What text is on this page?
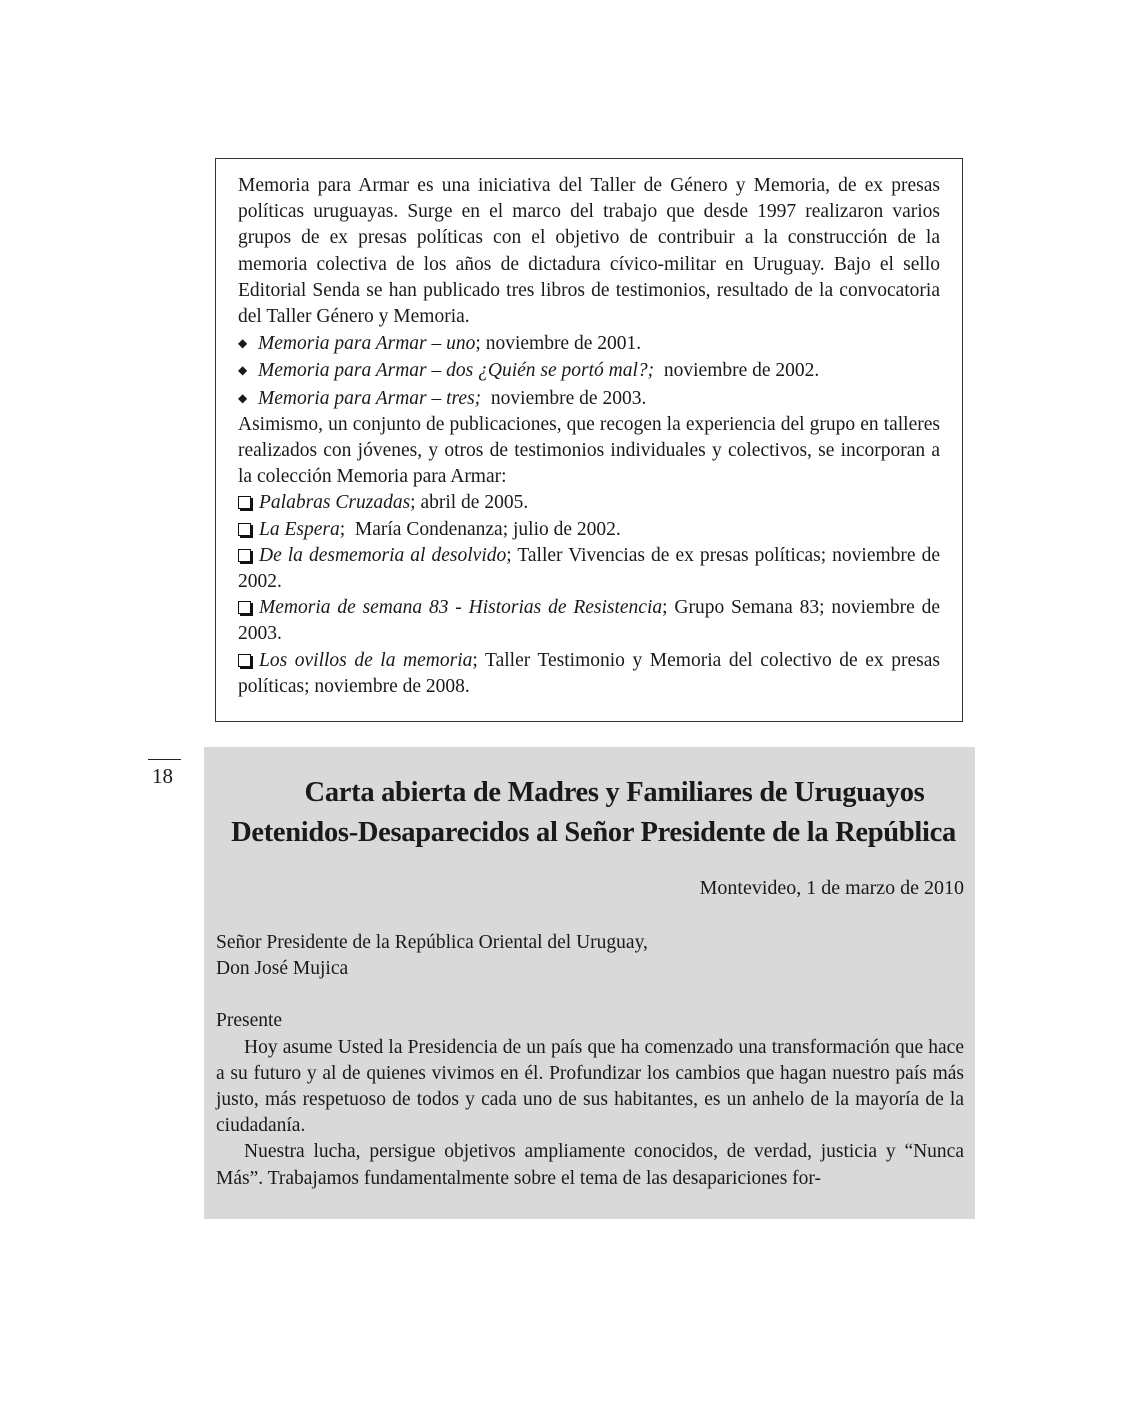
Memoria para Armar es una iniciativa del Taller de Género y Memoria, de ex presas políticas uruguayas. Surge en el marco del trabajo que desde 1997 realizaron varios grupos de ex presas políticas con el objetivo de contribuir a la construcción de la memoria colectiva de los años de dictadura cívico-militar en Uruguay. Bajo el sello Editorial Senda se han publicado tres libros de testimonios, resultado de la convocatoria del Taller Género y Memoria.

◆ Memoria para Armar – uno; noviembre de 2001.
◆ Memoria para Armar – dos ¿Quién se portó mal?;  noviembre de 2002.
◆ Memoria para Armar – tres;  noviembre de 2003.

Asimismo, un conjunto de publicaciones, que recogen la experiencia del grupo en talleres realizados con jóvenes, y otros de testimonios individuales y colectivos, se incorporan a la colección Memoria para Armar:

Palabras Cruzadas; abril de 2005.

La Espera;  María Condenanza; julio de 2002.

De la desmemoria al desolvido; Taller Vivencias de ex presas políticas; noviembre de 2002.

Memoria de semana 83 - Historias de Resistencia; Grupo Semana 83; noviembre de 2003.

Los ovillos de la memoria; Taller Testimonio y Memoria del colectivo de ex presas políticas; noviembre de 2008.

18
Carta abierta de Madres y Familiares de Uruguayos
Detenidos-Desaparecidos al Señor Presidente de la República
Montevideo, 1 de marzo de 2010

Señor Presidente de la República Oriental del Uruguay,

Don José Mujica

Presente

Hoy asume Usted la Presidencia de un país que ha comenzado una transformación que hace a su futuro y al de quienes vivimos en él. Profundizar los cambios que hagan nuestro país más justo, más respetuoso de todos y cada uno de sus habitantes, es un anhelo de la mayoría de la ciudadanía.

Nuestra lucha, persigue objetivos ampliamente conocidos, de verdad, justicia y “Nunca Más”. Trabajamos fundamentalmente sobre el tema de las desapariciones for-
